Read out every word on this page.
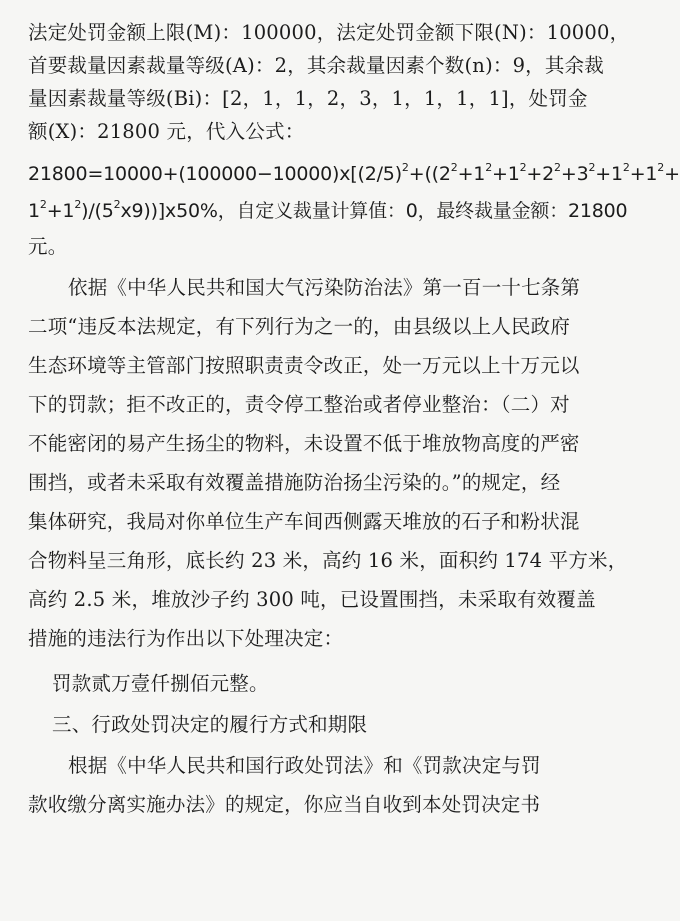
法定处罚金额上限(M)：100000，法定处罚金额下限(N)：10000，
首要裁量因素裁量等级(A)：2，其余裁量因素个数(n)：9，其余裁
量因素裁量等级(Bi)：[2，1，1，2，3，1，1，1，1]，处罚金
额(X)：21800 元，代入公式：
$21800=10000+(100000-10000)x[(2/5)^2+((2^2+1^2+1^2+2^2+3^2+1^2+1^2+$
$1^2+1^2)/(5^2x9))]x50\%$，自定义裁量计算值：0，最终裁量金额：21800
元。
依据《中华人民共和国大气污染防治法》第一百一十七条第
二项“违反本法规定，有下列行为之一的，由县级以上人民政府
生态环境等主管部门按照职责责令改正，处一万元以上十万元以
下的罚款；拒不改正的，责令停工整治或者停业整治：（二）对
不能密闭的易产生扬尘的物料，未设置不低于堆放物高度的严密
围挡，或者未采取有效覆盖措施防治扬尘污染的。”的规定，经
集体研究，我局对你单位生产车间西侧露天堆放的石子和粉状混
合物料呈三角形，底长约 23 米，高约 16 米，面积约 174 平方米，
高约 2.5 米，堆放沙子约 300 吨，已设置围挡，未采取有效覆盖
措施的违法行为作出以下处理决定：
罚款贰万壹仟捌佰元整。
三、行政处罚决定的履行方式和期限
根据《中华人民共和国行政处罚法》和《罚款决定与罚
款收缴分离实施办法》的规定，你应当自收到本处罚决定书
